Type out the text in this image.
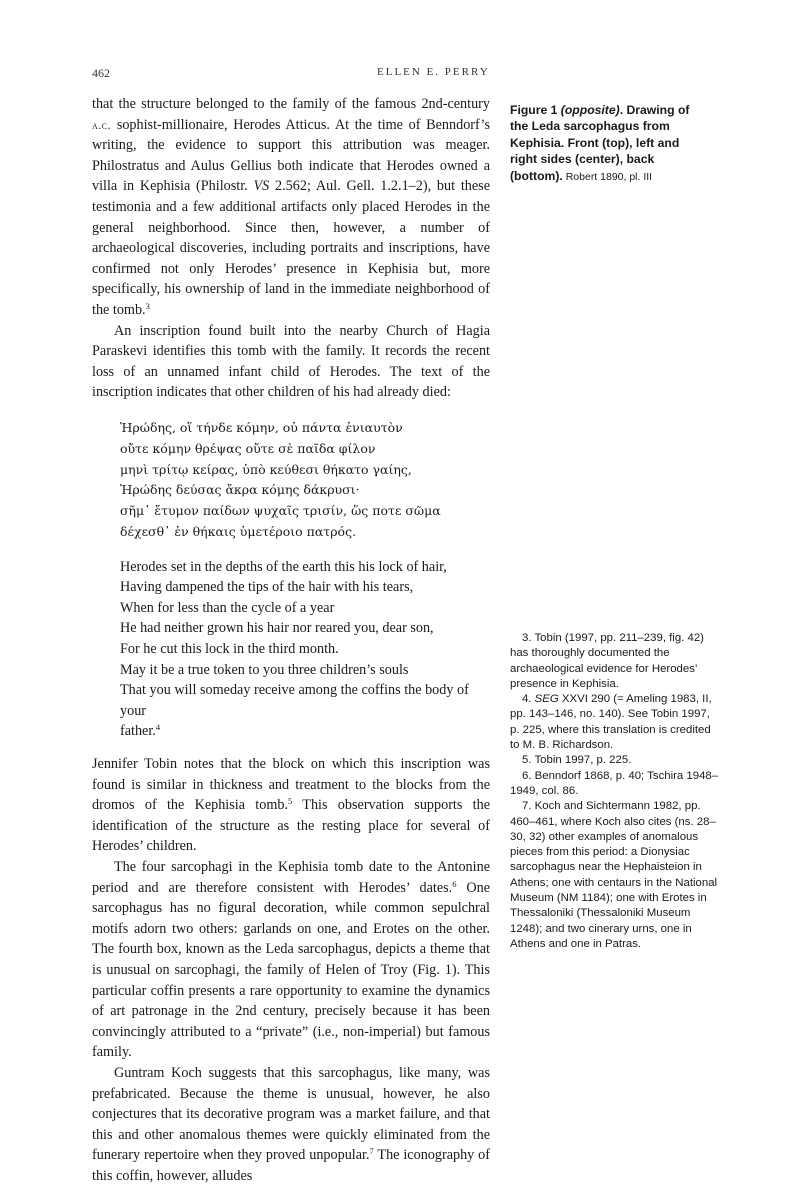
462	ELLEN E. PERRY

that the structure belonged to the family of the famous 2nd-century a.c. sophist-millionaire, Herodes Atticus. At the time of Benndorf’s writing, the evidence to support this attribution was meager. Philostratus and Aulus Gellius both indicate that Herodes owned a villa in Kephisia (Philostr. VS 2.562; Aul. Gell. 1.2.1–2), but these testimonia and a few additional artifacts only placed Herodes in the general neighborhood. Since then, however, a number of archaeological discoveries, including portraits and inscriptions, have confirmed not only Herodes’ presence in Kephisia but, more specifically, his ownership of land in the immediate neighborhood of the tomb.$^3$

An inscription found built into the nearby Church of Hagia Paraskevi identifies this tomb with the family. It records the recent loss of an unnamed infant child of Herodes. The text of the inscription indicates that other children of his had already died:

Ἡρώδης, οἵ τήνδε κόμην, οὐ πάντα ἐνιαυτὸν
οὔτε κόμην θρέψας οὔτε σὲ παῖδα φίλον
μηνὶ τρίτῳ κείρας, ὑπὸ κεύθεσι θήκατο γαίης,
Ἡρώδης δεύσας ἄκρα κόμης δάκρυσι·
σῆμ᾽ ἔτυμον παίδων ψυχαῖς τρισίν, ὥς ποτε σῶμα
δέχεσθ᾽ ἐν θήκαις ὑμετέροιο πατρός.
Herodes set in the depths of the earth this his lock of hair,
Having dampened the tips of the hair with his tears,
When for less than the cycle of a year
He had neither grown his hair nor reared you, dear son,
For he cut this lock in the third month.
May it be a true token to you three children’s souls
That you will someday receive among the coffins the body of your
father.$^4$

Jennifer Tobin notes that the block on which this inscription was found is similar in thickness and treatment to the blocks from the dromos of the Kephisia tomb.$^5$ This observation supports the identification of the structure as the resting place for several of Herodes’ children.

The four sarcophagi in the Kephisia tomb date to the Antonine period and are therefore consistent with Herodes’ dates.$^6$ One sarcophagus has no figural decoration, while common sepulchral motifs adorn two others: garlands on one, and Erotes on the other. The fourth box, known as the Leda sarcophagus, depicts a theme that is unusual on sarcophagi, the family of Helen of Troy (Fig. 1). This particular coffin presents a rare opportunity to examine the dynamics of art patronage in the 2nd century, precisely because it has been convincingly attributed to a “private” (i.e., non-imperial) but famous family.

Guntram Koch suggests that this sarcophagus, like many, was prefabricated. Because the theme is unusual, however, he also conjectures that its decorative program was a market failure, and that this and other anomalous themes were quickly eliminated from the funerary repertoire when they proved unpopular.$^7$ The iconography of this coffin, however, alludes

Figure 1 (opposite). Drawing of the Leda sarcophagus from Kephisia. Front (top), left and right sides (center), back (bottom). Robert 1890, pl. III

3. Tobin (1997, pp. 211–239, fig. 42) has thoroughly documented the archaeological evidence for Herodes’ presence in Kephisia.

4. SEG XXVI 290 (= Ameling 1983, II, pp. 143–146, no. 140). See Tobin 1997, p. 225, where this translation is credited to M. B. Richardson.

5. Tobin 1997, p. 225.

6. Benndorf 1868, p. 40; Tschira 1948–1949, col. 86.

7. Koch and Sichtermann 1982, pp. 460–461, where Koch also cites (ns. 28–30, 32) other examples of anomalous pieces from this period: a Dionysiac sarcophagus near the Hephaisteion in Athens; one with centaurs in the National Museum (NM 1184); one with Erotes in Thessaloniki (Thessaloniki Museum 1248); and two cinerary urns, one in Athens and one in Patras.
